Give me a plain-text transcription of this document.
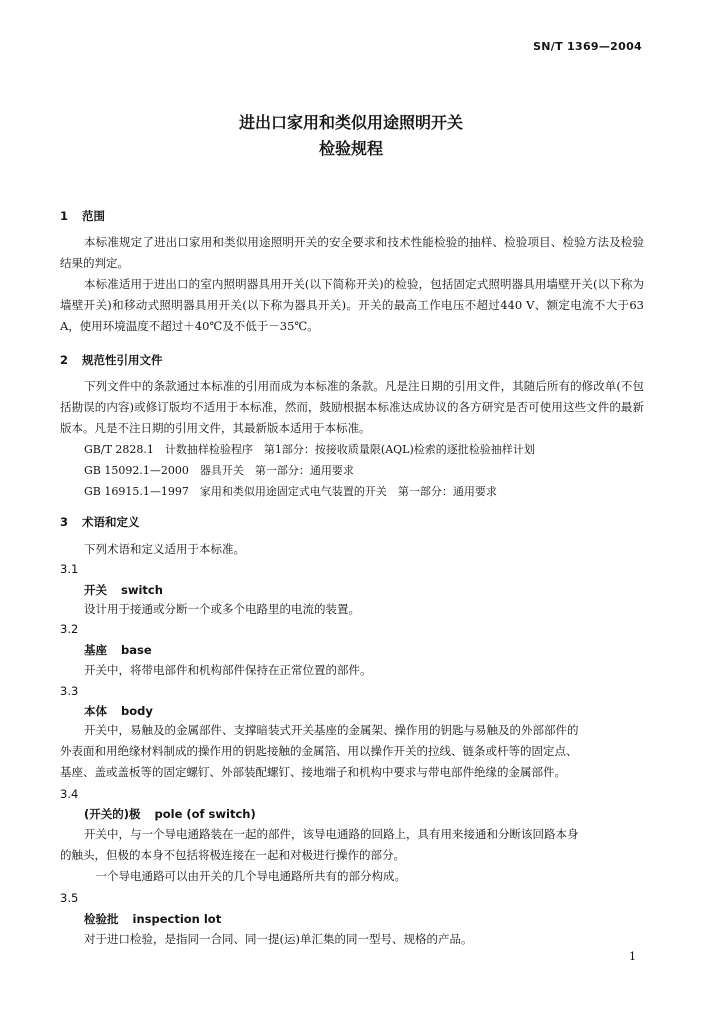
SN/T 1369—2004
进出口家用和类似用途照明开关
检验规程
1 范围

本标准规定了进出口家用和类似用途照明开关的安全要求和技术性能检验的抽样、检验项目、检验方法及检验结果的判定。

本标准适用于进出口的室内照明器具用开关(以下简称开关)的检验，包括固定式照明器具用墙壁开关(以下称为墙壁开关)和移动式照明器具用开关(以下称为器具开关)。开关的最高工作电压不超过440 V、额定电流不大于63 A，使用环境温度不超过＋40℃及不低于－35℃。

2 规范性引用文件

下列文件中的条款通过本标准的引用而成为本标准的条款。凡是注日期的引用文件，其随后所有的修改单(不包括勘误的内容)或修订版均不适用于本标准，然而，鼓励根据本标准达成协议的各方研究是否可使用这些文件的最新版本。凡是不注日期的引用文件，其最新版本适用于本标准。

GB/T 2828.1　计数抽样检验程序　第1部分：按接收质量限(AQL)检索的逐批检验抽样计划
GB 15092.1—2000　器具开关　第一部分：通用要求
GB 16915.1—1997　家用和类似用途固定式电气装置的开关　第一部分：通用要求
3 术语和定义
下列术语和定义适用于本标准。
3.1
开关 switch
设计用于接通或分断一个或多个电路里的电流的装置。
3.2
基座 base
开关中，将带电部件和机构部件保持在正常位置的部件。
3.3
本体 body
开关中，易触及的金属部件、支撑暗装式开关基座的金属架、操作用的钥匙与易触及的外部部件的
外表面和用绝缘材料制成的操作用的钥匙接触的金属箔、用以操作开关的拉线、链条或杆等的固定点、
基座、盖或盖板等的固定螺钉、外部装配螺钉、接地端子和机构中要求与带电部件绝缘的金属部件。
3.4
(开关的)极 pole (of switch)
开关中，与一个导电通路装在一起的部件，该导电通路的回路上，具有用来接通和分断该回路本身
的触头，但极的本身不包括将极连接在一起和对极进行操作的部分。
　一个导电通路可以由开关的几个导电通路所共有的部分构成。
3.5
检验批 inspection lot
对于进口检验，是指同一合同、同一提(运)单汇集的同一型号、规格的产品。
1
